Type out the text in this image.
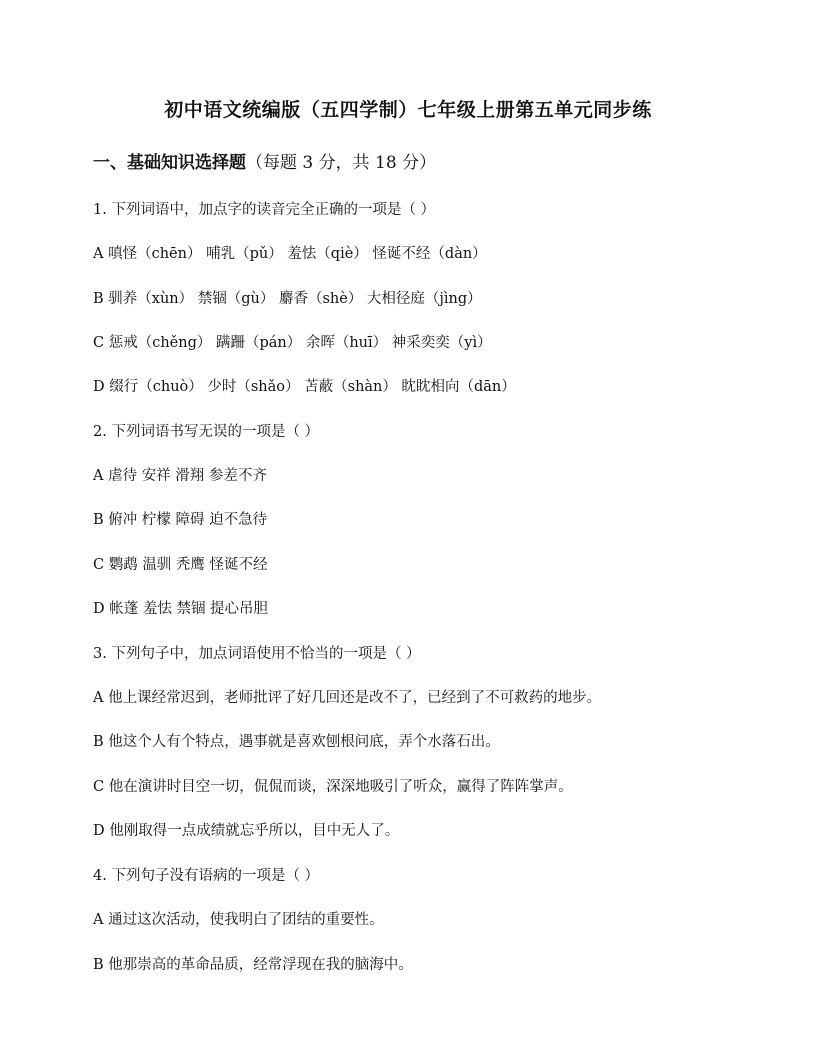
初中语文统编版（五四学制）七年级上册第五单元同步练
一、基础知识选择题（每题 3 分，共 18 分）
1. 下列词语中，加点字的读音完全正确的一项是（ ）
A 嗔怪（chēn） 哺乳（pǔ） 羞怯（qiè） 怪诞不经（dàn）
B 驯养（xùn） 禁锢（gù） 麝香（shè） 大相径庭（jìng）
C 惩戒（chěng） 蹒跚（pán） 余晖（huī） 神采奕奕（yì）
D 缀行（chuò） 少时（shǎo） 苫蔽（shàn） 眈眈相向（dān）
2. 下列词语书写无误的一项是（ ）
A 虐待 安祥 滑翔 参差不齐
B 俯冲 柠檬 障碍 迫不急待
C 鹦鹉 温驯 秃鹰 怪诞不经
D 帐蓬 羞怯 禁锢 提心吊胆
3. 下列句子中，加点词语使用不恰当的一项是（ ）
A 他上课经常迟到，老师批评了好几回还是改不了，已经到了不可救药的地步。
B 他这个人有个特点，遇事就是喜欢刨根问底，弄个水落石出。
C 他在演讲时目空一切，侃侃而谈，深深地吸引了听众，赢得了阵阵掌声。
D 他刚取得一点成绩就忘乎所以，目中无人了。
4. 下列句子没有语病的一项是（ ）
A 通过这次活动，使我明白了团结的重要性。
B 他那崇高的革命品质，经常浮现在我的脑海中。
